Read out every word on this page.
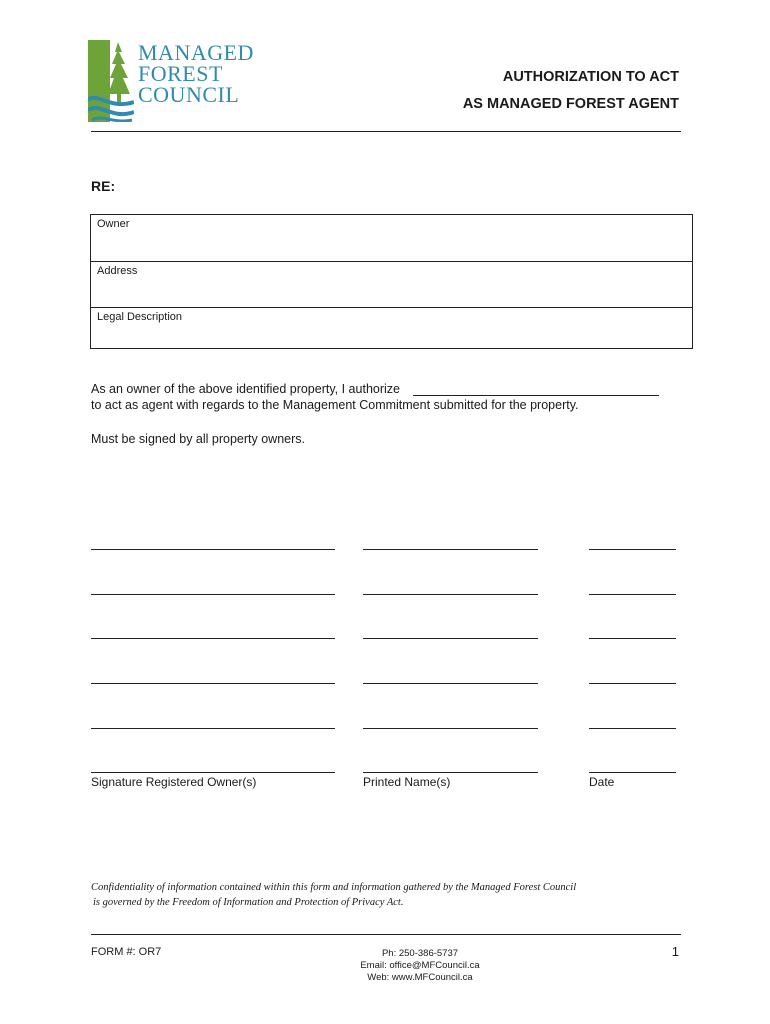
MANAGED
FOREST
COUNCIL
AUTHORIZATION TO ACT
AS MANAGED FOREST AGENT
RE:
Owner
Address
Legal Description
As an owner of the above identified property, I authorize
to act as agent with regards to the Management Commitment submitted for the property.
Must be signed by all property owners.
Signature Registered Owner(s)	Printed Name(s)	Date
Confidentiality of information contained within this form and information gathered by the Managed Forest Council
is governed by the Freedom of Information and Protection of Privacy Act.
FORM #: OR7	Ph: 250-386-5737
Email: office@MFCouncil.ca
Web: www.MFCouncil.ca
1
